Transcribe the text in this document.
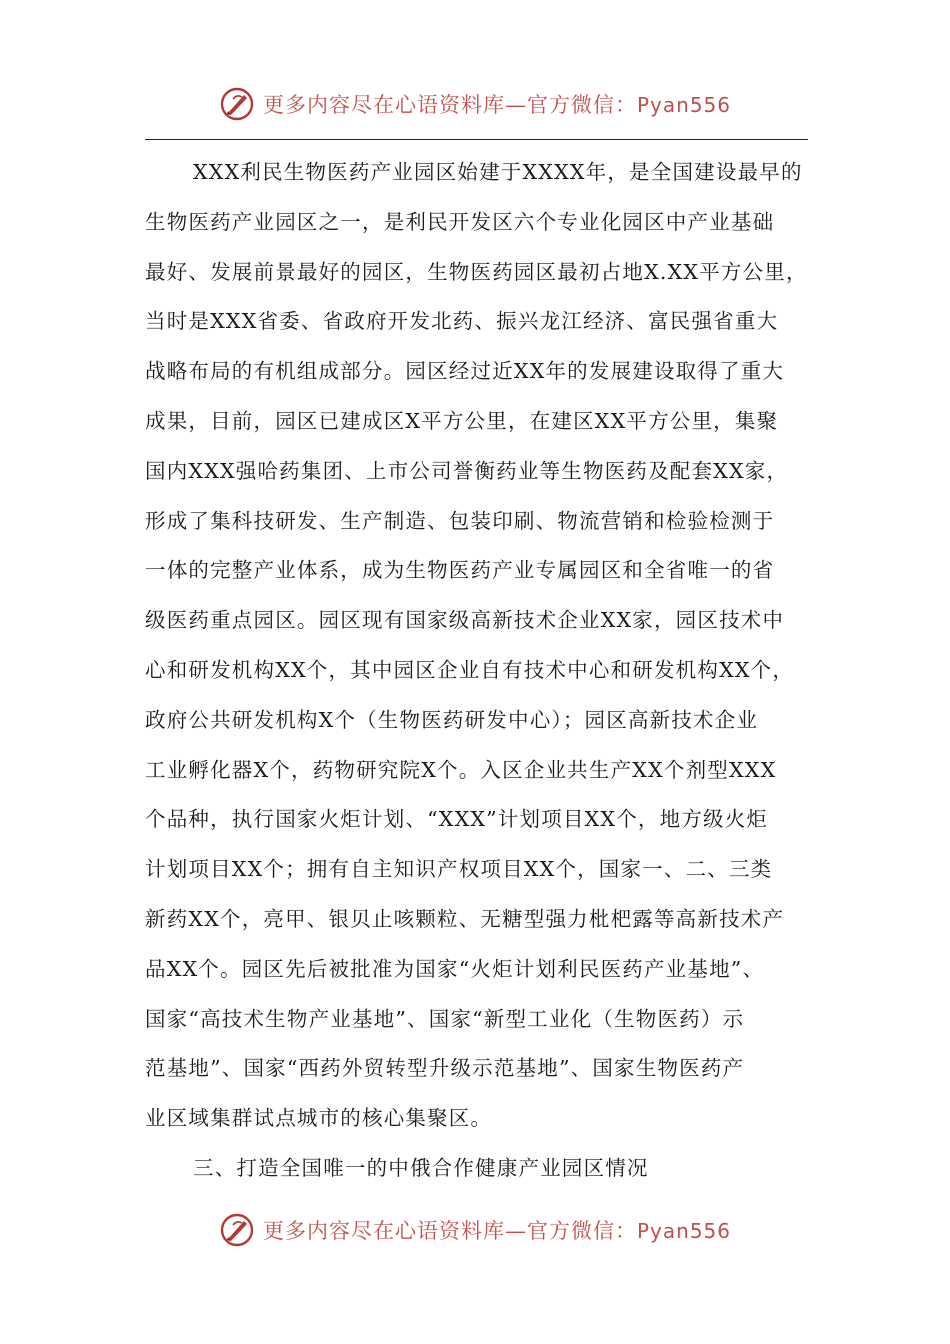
更多内容尽在心语资料库—官方微信：Pyan556
XXX利民生物医药产业园区始建于XXXX年，是全国建设最早的
生物医药产业园区之一，是利民开发区六个专业化园区中产业基础
最好、发展前景最好的园区，生物医药园区最初占地X.XX平方公里，
当时是XXX省委、省政府开发北药、振兴龙江经济、富民强省重大
战略布局的有机组成部分。园区经过近XX年的发展建设取得了重大
成果，目前，园区已建成区X平方公里，在建区XX平方公里，集聚
国内XXX强哈药集团、上市公司誉衡药业等生物医药及配套XX家，
形成了集科技研发、生产制造、包装印刷、物流营销和检验检测于
一体的完整产业体系，成为生物医药产业专属园区和全省唯一的省
级医药重点园区。园区现有国家级高新技术企业XX家，园区技术中
心和研发机构XX个，其中园区企业自有技术中心和研发机构XX个，
政府公共研发机构X个（生物医药研发中心）；园区高新技术企业
工业孵化器X个，药物研究院X个。入区企业共生产XX个剂型XXX
个品种，执行国家火炬计划、“XXX”计划项目XX个，地方级火炬
计划项目XX个；拥有自主知识产权项目XX个，国家一、二、三类
新药XX个，亮甲、银贝止咳颗粒、无糖型强力枇杷露等高新技术产
品XX个。园区先后被批准为国家“火炬计划利民医药产业基地”、
国家“高技术生物产业基地”、国家“新型工业化（生物医药）示
范基地”、国家“西药外贸转型升级示范基地”、国家生物医药产
业区域集群试点城市的核心集聚区。
三、打造全国唯一的中俄合作健康产业园区情况
更多内容尽在心语资料库—官方微信：Pyan556
